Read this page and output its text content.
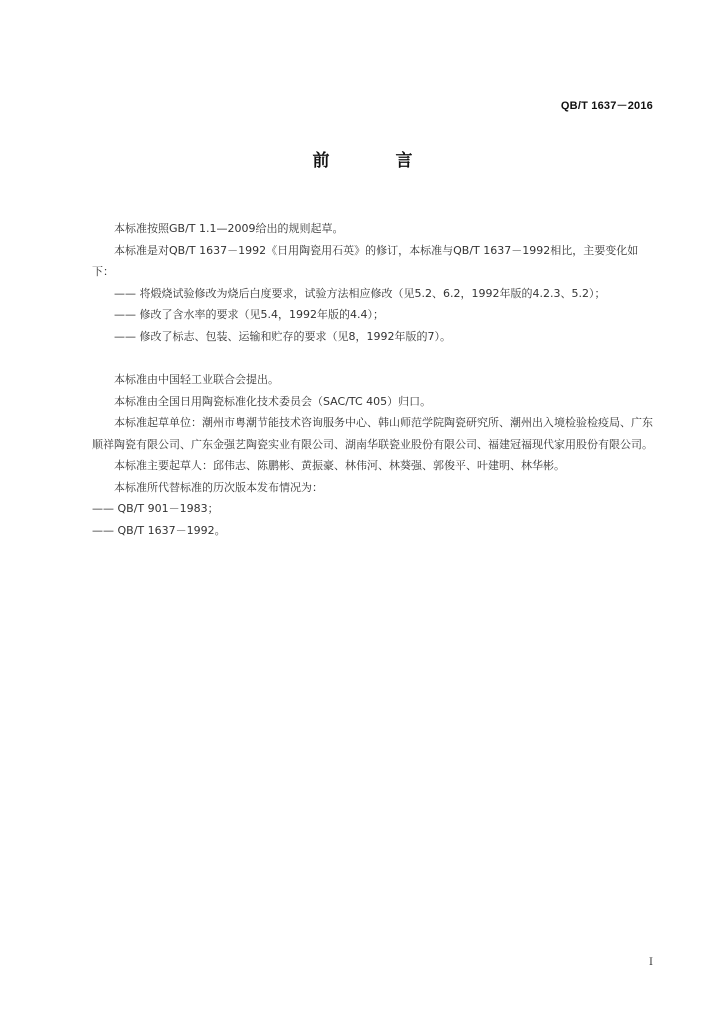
QB/T 1637－2016
前 言

本标准按照GB/T 1.1—2009给出的规则起草。

本标准是对QB/T 1637－1992《日用陶瓷用石英》的修订，本标准与QB/T 1637－1992相比，主要变化如下：

—— 将煅烧试验修改为烧后白度要求，试验方法相应修改（见5.2、6.2，1992年版的4.2.3、5.2）；

—— 修改了含水率的要求（见5.4，1992年版的4.4）；

—— 修改了标志、包装、运输和贮存的要求（见8，1992年版的7）。

本标准由中国轻工业联合会提出。

本标准由全国日用陶瓷标准化技术委员会（SAC/TC 405）归口。

本标准起草单位：潮州市粤潮节能技术咨询服务中心、韩山师范学院陶瓷研究所、潮州出入境检验检疫局、广东顺祥陶瓷有限公司、广东金强艺陶瓷实业有限公司、湖南华联瓷业股份有限公司、福建冠福现代家用股份有限公司。

本标准主要起草人：邱伟志、陈鹏彬、黄振豪、林伟河、林葵强、郭俊平、叶建明、林华彬。

本标准所代替标准的历次版本发布情况为：

—— QB/T 901－1983；

—— QB/T 1637－1992。

I
